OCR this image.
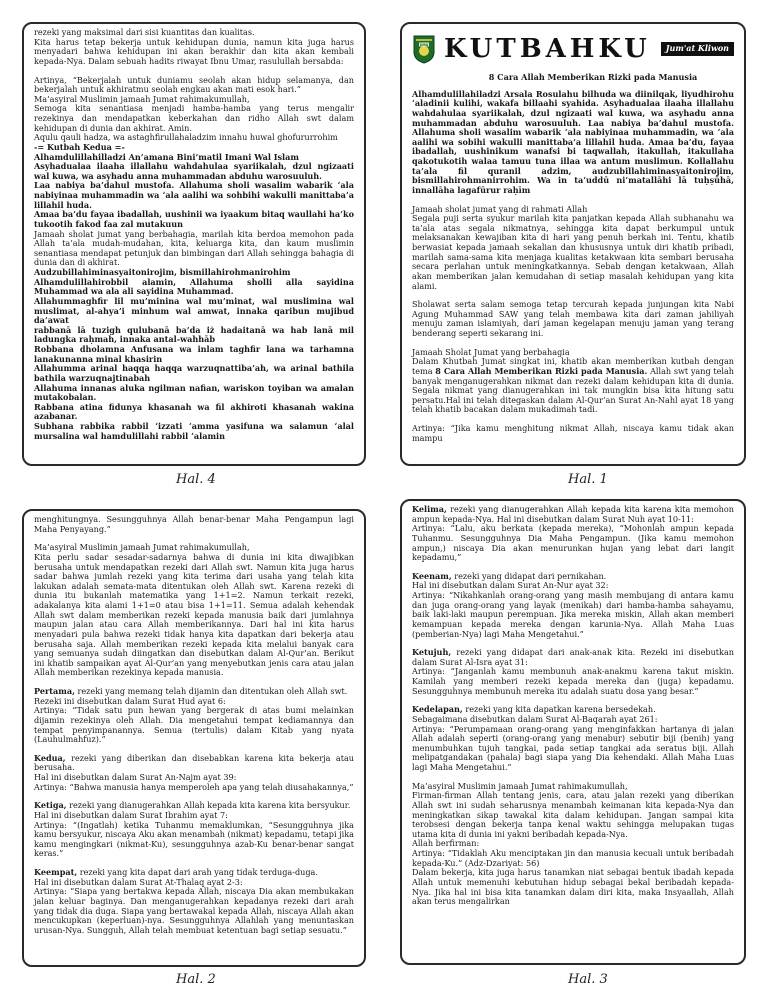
rezeki yang maksimal dari sisi kuantitas dan kualitas.

Kita harus tetap bekerja untuk kehidupan dunia, namun kita juga harus menyadari bahwa kehidupan ini akan berakhir dan kita akan kembali kepada-Nya. Dalam sebuah hadits riwayat Ibnu Umar, rasulullah bersabda:

Artinya, “Bekerjalah untuk duniamu seolah akan hidup selamanya, dan bekerjalah untuk akhiratmu seolah engkau akan mati esok hari.”

Ma’asyiral Muslimin jamaah Jumat rahimakumullah,

Semoga kita senantiasa menjadi hamba-hamba yang terus mengalir rezekinya dan mendapatkan keberkahan dan ridho Allah swt dalam kehidupan di dunia dan akhirat. Amin.

Aqulu qauli hadza, wa astaghfirullahaladzim innahu huwal ghofururrohim

-= Kutbah Kedua =-

Alhamdulillahilladzi An’amana Bini’matil Imani Wal Islam

Asyhadualaa ilaaha illallahu wahdahulaa syariikalah, dzul ngizaati wal kuwa, wa asyhadu anna muhammadan abduhu warosuuluh.

Laa nabiya ba’dahul mustofa. Allahuma sholi wasalim wabarik ‘ala nabiyinaa muhammadin wa ‘ala aalihi wa sohbihi wakulli manittaba’a lillahil huda.

Amaa ba’du fayaa ibadallah, uushinii wa iyaakum bitaq waullahi ha’ko tukootih fakod faa zal mutakuun

Jamaah sholat jumat yang berbahagia, marilah kita berdoa memohon pada Allah ta’ala mudah-mudahan, kita, keluarga kita, dan kaum muslimin senantiasa mendapat petunjuk dan bimbingan dari Allah sehingga bahagia di dunia dan di akhirat.

Audzubillahiminasyaitonirojim, bismillahirohmanirohim

Alhamdulillahirobbil alamin, Allahuma sholli alla sayidina Muhammad wa ala ali sayidina Muhammad.

Allahummaghfir lil mu’minina wal mu’minat, wal muslimina wal muslimat, al-ahya’i minhum wal amwat, innaka qaribun mujibud da’awat

rabbanā lā tuzigh qulubanā ba’da iż hadaitanā wa hab lanā mil ladungka raḥmah, innaka antal-wahhāb

Robbana dholamna Anfusana wa inlam taghfir lana wa tarhamna lanakunanna minal khasirin

Allahumma arinal haqqa haqqa warzuqnattiba’ah, wa arinal bathila bathila warzuqnajtinabah

Allahuma innanas aluka ngilman nafian, wariskon toyiban wa amalan mutakobalan.

Rabbana atina fidunya khasanah wa fil akhiroti khasanah wakina azabanar.

Subhana rabbika rabbil ‘izzati ‘amma yasifuna wa salamun ‘alal mursalina wal hamdulillahi rabbil ‘alamin

Hal. 4
SMA KUTBAHKU	Jum'at Kliwon
8 Cara Allah Memberikan Rizki pada Manusia

Alhamdulillahiladzi Arsala Rosulahu bilhuda wa diinilqak, liyudhirohu ‘aladinii kulihi, wakafa billaahi syahida. Asyhadualaa ilaaha illallahu wahdahulaa syariikalah, dzul ngizaati wal kuwa, wa asyhadu anna muhammadan abduhu warosuuluh. Laa nabiya ba’dahul mustofa. Allahuma sholi wasalim wabarik ‘ala nabiyinaa muhammadin, wa ‘ala aalihi wa sobihi wakulli manittaba’a lillahil huda. Amaa ba’du, fayaa ibadallah, uushinikum wanafsi bi taqwallah, itakullah, itakullaha qakotukotih walaa tamuu tuna illaa wa antum muslimun. Kollallahu ta’ala fil quranil adzim, audzubillahiminasyaitonirojim, bismillahirohmanirrohim. Wa in ta‘uddū ni‘matallāhi lā tuḥṣūhā, innallāha lagafūrur raḥīm

Jamaah sholat jumat yang di rahmati Allah

Segala puji serta syukur marilah kita panjatkan kepada Allah subhanahu wa ta’ala atas segala nikmatnya, sehingga kita dapat berkumpul untuk melaksanakan kewajiban kita di hari yang penuh berkah ini. Tentu, khatib berwasiat kepada jamaah sekalian dan khususnya untuk diri khatib pribadi, marilah sama-sama kita menjaga kualitas ketakwaan kita sembari berusaha secara perlahan untuk meningkatkannya. Sebab dengan ketakwaan, Allah akan memberikan jalan kemudahan di setiap masalah kehidupan yang kita alami.

Sholawat serta salam semoga tetap tercurah kepada junjungan kita Nabi Agung Muhammad SAW yang telah membawa kita dari zaman jahiliyah menuju zaman islamiyah, dari jaman kegelapan menuju jaman yang terang benderang seperti sekarang ini.

Jamaah Sholat Jumat yang berbahagia

Dalam Khutbah Jumat singkat ini, khatib akan memberikan kutbah dengan tema 8 Cara Allah Memberikan Rizki pada Manusia. Allah swt yang telah banyak menganugerahkan nikmat dan rezeki dalam kehidupan kita di dunia. Segala nikmat yang dianugerahkan ini tak mungkin bisa kita hitung satu persatu.Hal ini telah ditegaskan dalam Al-Qur’an Surat An-Nahl ayat 18 yang telah khatib bacakan dalam mukadimah tadi.

Artinya: “Jika kamu menghitung nikmat Allah, niscaya kamu tidak akan mampu

Hal. 1

menghitungnya. Sesungguhnya Allah benar-benar Maha Pengampun lagi Maha Penyayang.”

Ma’asyiral Muslimin jamaah Jumat rahimakumullah,

Kita perlu sadar sesadar-sadarnya bahwa di dunia ini kita diwajibkan berusaha untuk mendapatkan rezeki dari Allah swt. Namun kita juga harus sadar bahwa jumlah rezeki yang kita terima dari usaha yang telah kita lakukan adalah semata-mata ditentukan oleh Allah swt. Karena rezeki di dunia itu bukanlah matematika yang 1+1=2. Namun terkait rezeki, adakalanya kita alami 1+1=0 atau bisa 1+1=11. Semua adalah kehendak Allah swt dalam memberikan rezeki kepada manusia baik dari jumlahnya maupun jalan atau cara Allah memberikannya. Dari hal ini kita harus menyadari pula bahwa rezeki tidak hanya kita dapatkan dari bekerja atau berusaha saja. Allah memberikan rezeki kepada kita melalui banyak cara yang semuanya sudah diingatkan dan disebutkan dalam Al-Qur’an. Berikut ini khatib sampaikan ayat Al-Qur’an yang menyebutkan jenis cara atau jalan Allah memberikan rezekinya kepada manusia.

Pertama, rezeki yang memang telah dijamin dan ditentukan oleh Allah swt.

Rezeki ini disebutkan dalam Surat Hud ayat 6:

Artinya: “Tidak satu pun hewan yang bergerak di atas bumi melainkan dijamin rezekinya oleh Allah. Dia mengetahui tempat kediamannya dan tempat penyimpanannya. Semua (tertulis) dalam Kitab yang nyata (Lauhulmahfuz).”

Kedua, rezeki yang diberikan dan disebabkan karena kita bekerja atau berusaha.

Hal ini disebutkan dalam Surat An-Najm ayat 39:

Artinya: “Bahwa manusia hanya memperoleh apa yang telah diusahakannya,”

Ketiga, rezeki yang dianugerahkan Allah kepada kita karena kita bersyukur.

Hal ini disebutkan dalam Surat Ibrahim ayat 7:

Artinya: “(Ingatlah) ketika Tuhanmu memaklumkan, “Sesungguhnya jika kamu bersyukur, niscaya Aku akan menambah (nikmat) kepadamu, tetapi jika kamu mengingkari (nikmat-Ku), sesungguhnya azab-Ku benar-benar sangat keras.”

Keempat, rezeki yang kita dapat dari arah yang tidak terduga-duga.

Hal ini disebutkan dalam Surat At-Thalaq ayat 2-3:

Artinya: “Siapa yang bertakwa kepada Allah, niscaya Dia akan membukakan jalan keluar baginya. Dan menganugerahkan kepadanya rezeki dari arah yang tidak dia duga. Siapa yang bertawakal kepada Allah, niscaya Allah akan mencukupkan (keperluan)-nya. Sesungguhnya Allahlah yang menuntaskan urusan-Nya. Sungguh, Allah telah membuat ketentuan bagi setiap sesuatu.”

Hal. 2

Kelima, rezeki yang dianugerahkan Allah kepada kita karena kita memohon ampun kepada-Nya. Hal ini disebutkan dalam Surat Nuh ayat 10-11:

Artinya: “Lalu, aku berkata (kepada mereka), “Mohonlah ampun kepada Tuhanmu. Sesungguhnya Dia Maha Pengampun. (Jika kamu memohon ampun,) niscaya Dia akan menurunkan hujan yang lebat dari langit kepadamu,”

Keenam, rezeki yang didapat dari pernikahan.

Hal ini disebutkan dalam Surat An-Nur ayat 32:

Artinya: “Nikahkanlah orang-orang yang masih membujang di antara kamu dan juga orang-orang yang layak (menikah) dari hamba-hamba sahayamu, baik laki-laki maupun perempuan. Jika mereka miskin, Allah akan memberi kemampuan kepada mereka dengan karunia-Nya. Allah Maha Luas (pemberian-Nya) lagi Maha Mengetahui.”

Ketujuh, rezeki yang didapat dari anak-anak kita. Rezeki ini disebutkan dalam Surat Al-Isra ayat 31:

Artinya: “Janganlah kamu membunuh anak-anakmu karena takut miskin. Kamilah yang memberi rezeki kepada mereka dan (juga) kepadamu. Sesungguhnya membunuh mereka itu adalah suatu dosa yang besar.”

Kedelapan, rezeki yang kita dapatkan karena bersedekah.

Sebagaimana disebutkan dalam Surat Al-Baqarah ayat 261:

Artinya: “Perumpamaan orang-orang yang menginfakkan hartanya di jalan Allah adalah seperti (orang-orang yang menabur) sebutir biji (benih) yang menumbuhkan tujuh tangkai, pada setiap tangkai ada seratus biji. Allah melipatgandakan (pahala) bagi siapa yang Dia kehendaki. Allah Maha Luas lagi Maha Mengetahui.”

Ma’asyiral Muslimin jamaah Jumat rahimakumullah,

Firman-firman Allah tentang jenis, cara, atau jalan rezeki yang diberikan Allah swt ini sudah seharusnya menambah keimanan kita kepada-Nya dan meningkatkan sikap tawakal kita dalam kehidupan. Jangan sampai kita terobsesi dengan bekerja tanpa kenal waktu sehingga melupakan tugas utama kita di dunia ini yakni beribadah kepada-Nya.

Allah berfirman:

Artinya: “Tidaklah Aku menciptakan jin dan manusia kecuali untuk beribadah kepada-Ku.” (Adz-Dzariyat: 56)

Dalam bekerja, kita juga harus tanamkan niat sebagai bentuk ibadah kepada Allah untuk memenuhi kebutuhan hidup sebagai bekal beribadah kepada-Nya. Jika hal ini bisa kita tanamkan dalam diri kita, maka Insyaallah, Allah akan terus mengalirkan

Hal. 3
